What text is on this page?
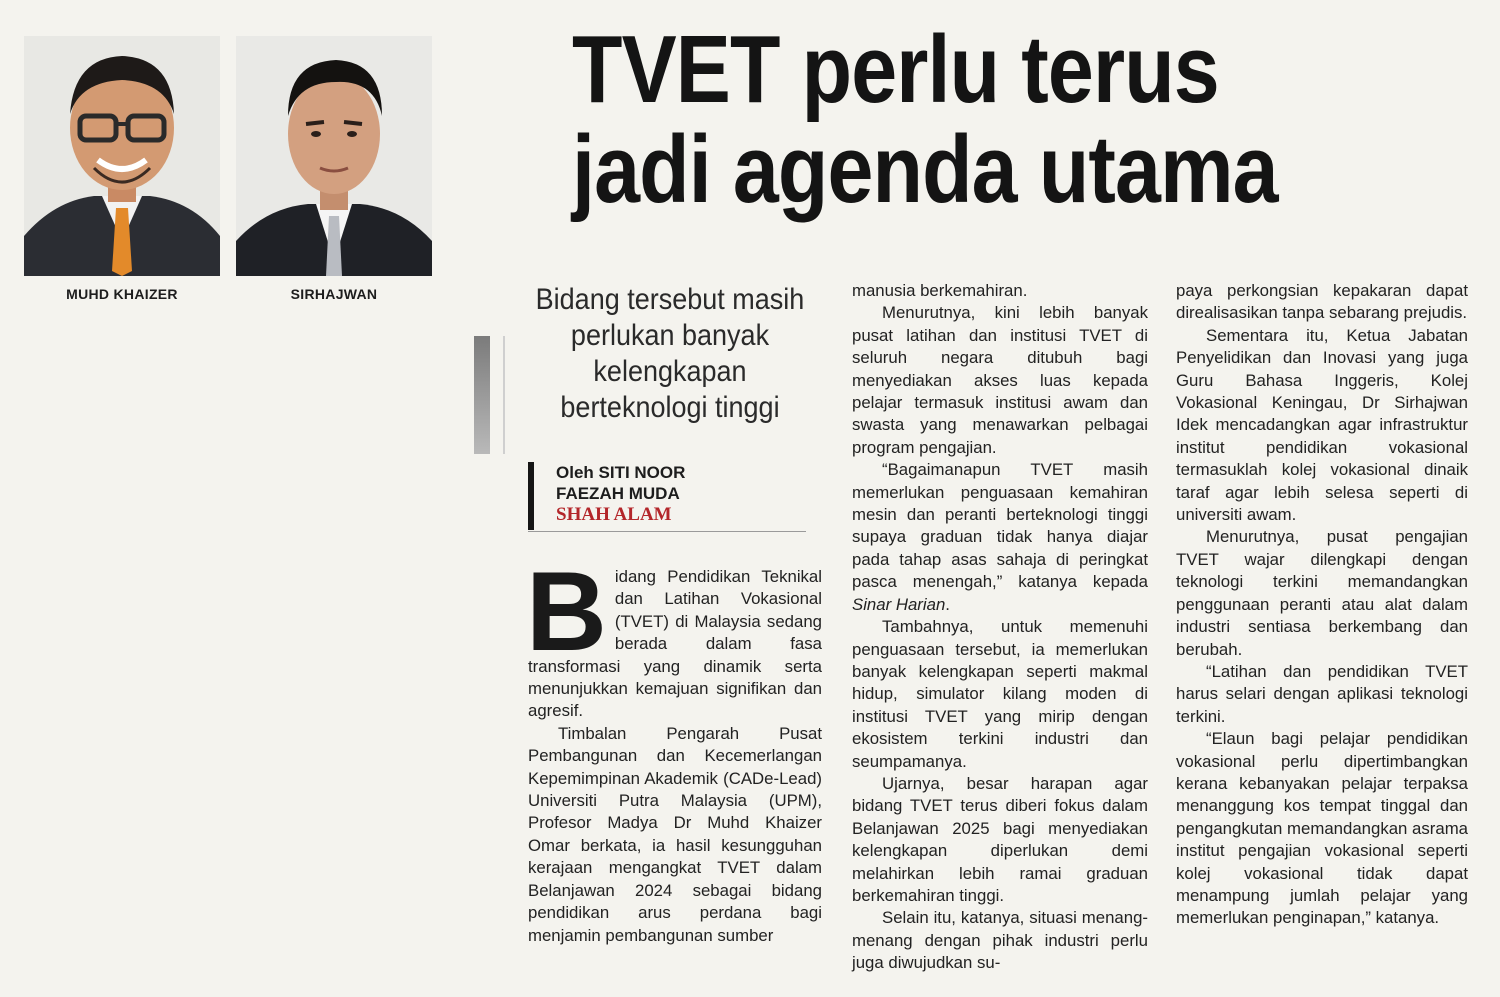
MUHD KHAIZER	SIRHAJWAN
TVET perlu terus
jadi agenda utama
Bidang tersebut masih perlukan banyak kelengkapan berteknologi tinggi
Oleh SITI NOOR
FAEZAH MUDA
SHAH ALAM

Bidang Pendidikan Teknikal dan Latihan Vokasional (TVET) di Malaysia sedang berada dalam fasa transformasi yang dinamik serta menunjukkan kemajuan signifikan dan agresif.

Timbalan Pengarah Pusat Pembangunan dan Kecemerlangan Kepemimpinan Akademik (CADe-Lead) Universiti Putra Malaysia (UPM), Profesor Madya Dr Muhd Khaizer Omar berkata, ia hasil kesungguhan kerajaan mengangkat TVET dalam Belanjawan 2024 sebagai bidang pendidikan arus perdana bagi menjamin pembangunan sumber

manusia berkemahiran.

Menurutnya, kini lebih banyak pusat latihan dan institusi TVET di seluruh negara ditubuh bagi menyediakan akses luas kepada pelajar termasuk institusi awam dan swasta yang menawarkan pelbagai program pengajian.

“Bagaimanapun TVET masih memerlukan penguasaan kemahiran mesin dan peranti berteknologi tinggi supaya graduan tidak hanya diajar pada tahap asas sahaja di peringkat pasca menengah,” katanya kepada Sinar Harian.

Tambahnya, untuk memenuhi penguasaan tersebut, ia memerlukan banyak kelengkapan seperti makmal hidup, simulator kilang moden di institusi TVET yang mirip dengan ekosistem terkini industri dan seumpamanya.

Ujarnya, besar harapan agar bidang TVET terus diberi fokus dalam Belanjawan 2025 bagi menyediakan kelengkapan diperlukan demi melahirkan lebih ramai graduan berkemahiran tinggi.

Selain itu, katanya, situasi menang- menang dengan pihak industri perlu juga diwujudkan su-

paya perkongsian kepakaran dapat direalisasikan tanpa sebarang prejudis.

Sementara itu, Ketua Jabatan Penyelidikan dan Inovasi yang juga Guru Bahasa Inggeris, Kolej Vokasional Keningau, Dr Sirhajwan Idek mencadangkan agar infrastruktur institut pendidikan vokasional termasuklah kolej vokasional dinaik taraf agar lebih selesa seperti di universiti awam.

Menurutnya, pusat pengajian TVET wajar dilengkapi dengan teknologi terkini memandangkan penggunaan peranti atau alat dalam industri sentiasa berkembang dan berubah.

“Latihan dan pendidikan TVET harus selari dengan aplikasi teknologi terkini.

“Elaun bagi pelajar pendidikan vokasional perlu dipertimbangkan kerana kebanyakan pelajar terpaksa menanggung kos tempat tinggal dan pengangkutan memandangkan asrama institut pengajian vokasional seperti kolej vokasional tidak dapat menampung jumlah pelajar yang memerlukan penginapan,” katanya.
